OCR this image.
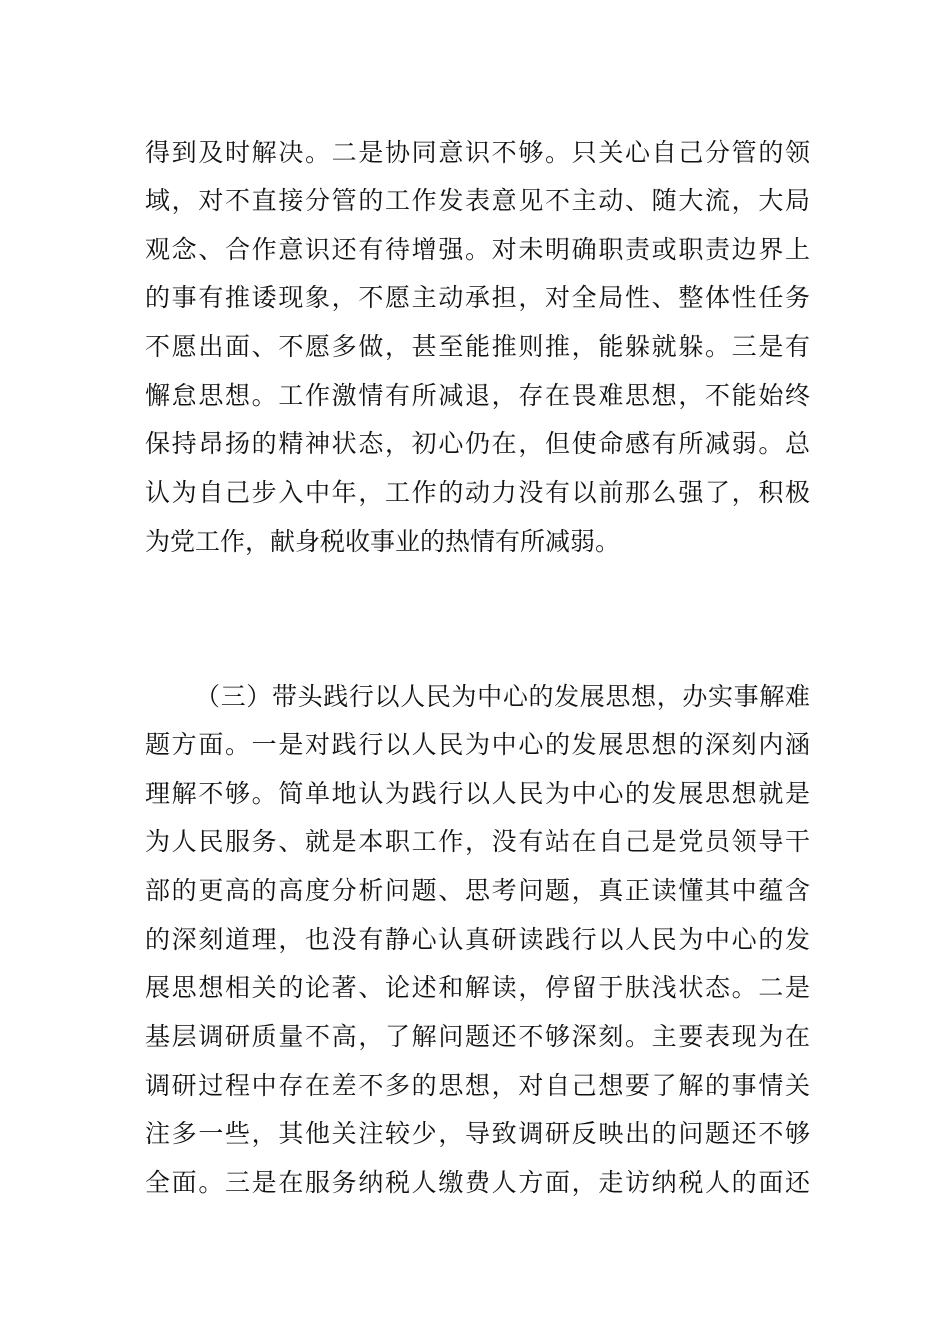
得到及时解决。二是协同意识不够。只关心自己分管的领
域，对不直接分管的工作发表意见不主动、随大流，大局
观念、合作意识还有待增强。对未明确职责或职责边界上
的事有推诿现象，不愿主动承担，对全局性、整体性任务
不愿出面、不愿多做，甚至能推则推，能躲就躲。三是有
懈怠思想。工作激情有所减退，存在畏难思想，不能始终
保持昂扬的精神状态，初心仍在，但使命感有所减弱。总
认为自己步入中年，工作的动力没有以前那么强了，积极
为党工作，献身税收事业的热情有所减弱。
（三）带头践行以人民为中心的发展思想，办实事解难
题方面。一是对践行以人民为中心的发展思想的深刻内涵
理解不够。简单地认为践行以人民为中心的发展思想就是
为人民服务、就是本职工作，没有站在自己是党员领导干
部的更高的高度分析问题、思考问题，真正读懂其中蕴含
的深刻道理，也没有静心认真研读践行以人民为中心的发
展思想相关的论著、论述和解读，停留于肤浅状态。二是
基层调研质量不高，了解问题还不够深刻。主要表现为在
调研过程中存在差不多的思想，对自己想要了解的事情关
注多一些，其他关注较少，导致调研反映出的问题还不够
全面。三是在服务纳税人缴费人方面，走访纳税人的面还
